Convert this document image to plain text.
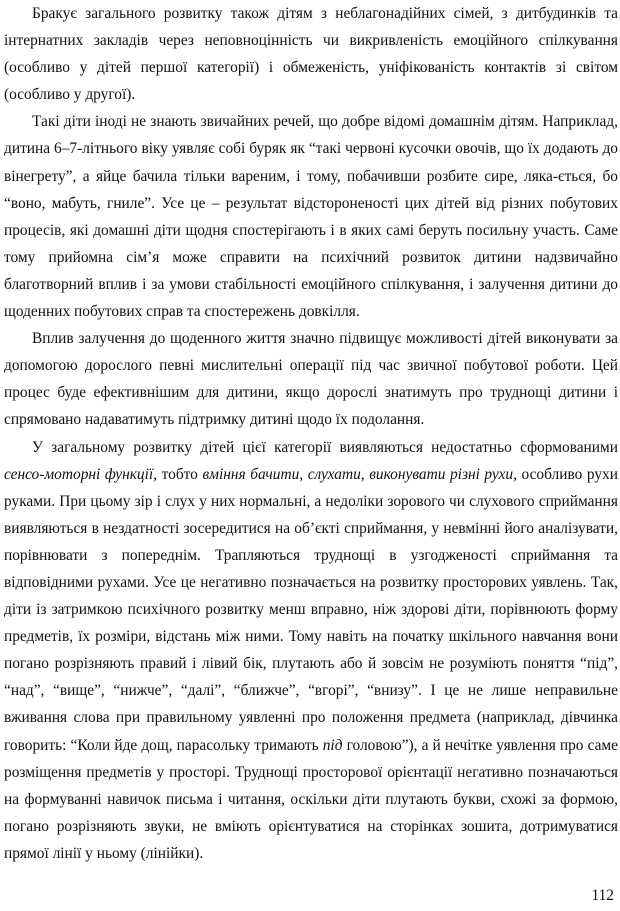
Бракує загального розвитку також дітям з неблагонадійних сімей, з дитбудинків та інтернатних закладів через неповноцінність чи викривленість емоційного спілкування (особливо у дітей першої категорії) і обмеженість, уніфікованість контактів зі світом (особливо у другої).

Такі діти іноді не знають звичайних речей, що добре відомі домашнім дітям. Наприклад, дитина 6–7-літнього віку уявляє собі буряк як “такі червоні кусочки овочів, що їх додають до вінегрету”, а яйце бачила тільки вареним, і тому, побачивши розбите сире, ляка-ється, бо “воно, мабуть, гниле”. Усе це – результат відстороненості цих дітей від різних побутових процесів, які домашні діти щодня спостерігають і в яких самі беруть посильну участь. Саме тому прийомна сім’я може справити на психічний розвиток дитини надзвичайно благотворний вплив і за умови стабільності емоційного спілкування, і залучення дитини до щоденних побутових справ та спостережень довкілля.

Вплив залучення до щоденного життя значно підвищує можливості дітей виконувати за допомогою дорослого певні мислительні операції під час звичної побутової роботи. Цей процес буде ефективнішим для дитини, якщо дорослі знатимуть про труднощі дитини і спрямовано надаватимуть підтримку дитині щодо їх подолання.

У загальному розвитку дітей цієї категорії виявляються недостатньо сформованими сенсо-моторні функції, тобто вміння бачити, слухати, виконувати різні рухи, особливо рухи руками. При цьому зір і слух у них нормальні, а недоліки зорового чи слухового сприймання виявляються в нездатності зосередитися на об’єкті сприймання, у невмінні його аналізувати, порівнювати з попереднім. Трапляються труднощі в узгодженості сприймання та відповідними рухами. Усе це негативно позначається на розвитку просторових уявлень. Так, діти із затримкою психічного розвитку менш вправно, ніж здорові діти, порівнюють форму предметів, їх розміри, відстань між ними. Тому навіть на початку шкільного навчання вони погано розрізняють правий і лівий бік, плутають або й зовсім не розуміють поняття “під”, “над”, “вище”, “нижче”, “далі”, “ближче”, “вгорі”, “внизу”. І це не лише неправильне вживання слова при правильному уявленні про положення предмета (наприклад, дівчинка говорить: “Коли йде дощ, парасольку тримають під головою”), а й нечітке уявлення про саме розміщення предметів у просторі. Труднощі просторової орієнтації негативно позначаються на формуванні навичок письма і читання, оскільки діти плутають букви, схожі за формою, погано розрізняють звуки, не вміють орієнтуватися на сторінках зошита, дотримуватися прямої лінії у ньому (лінійки).

112
